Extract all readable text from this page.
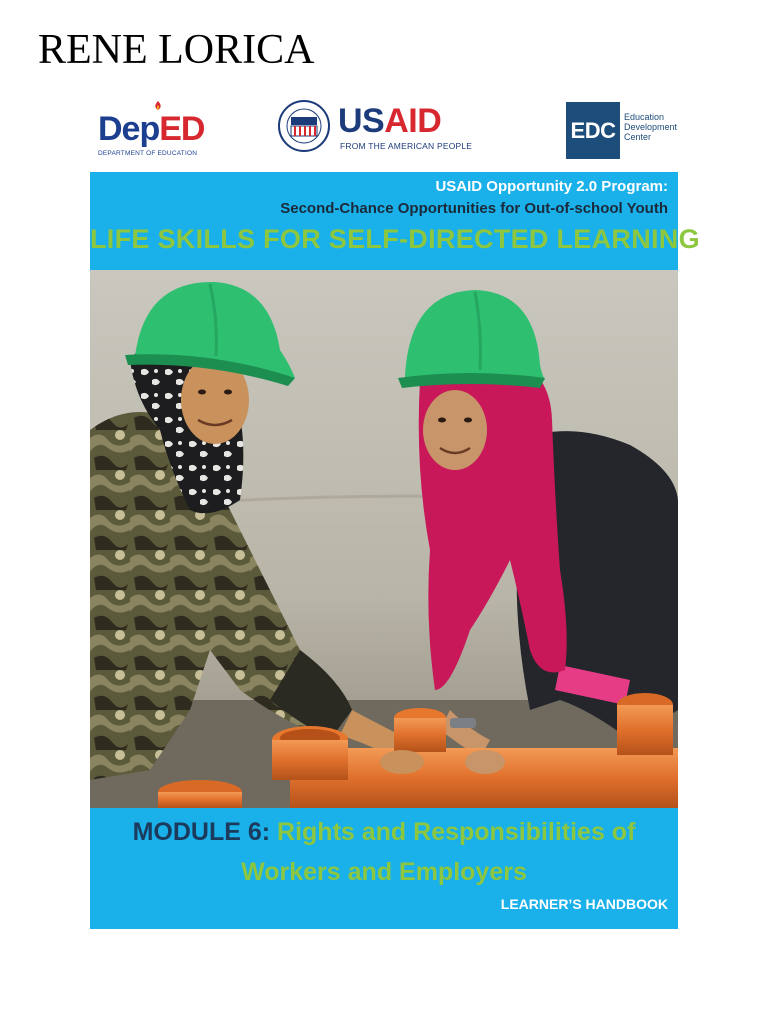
RENE LORICA
DepED
DEPARTMENT OF EDUCATION
USAID
FROM THE AMERICAN PEOPLE
EDC
Education
Development
Center
USAID Opportunity 2.0 Program:
Second-Chance Opportunities for Out-of-school Youth
LIFE SKILLS FOR SELF-DIRECTED LEARNING
MODULE 6: Rights and Responsibilities of
Workers and Employers
LEARNER’S HANDBOOK
